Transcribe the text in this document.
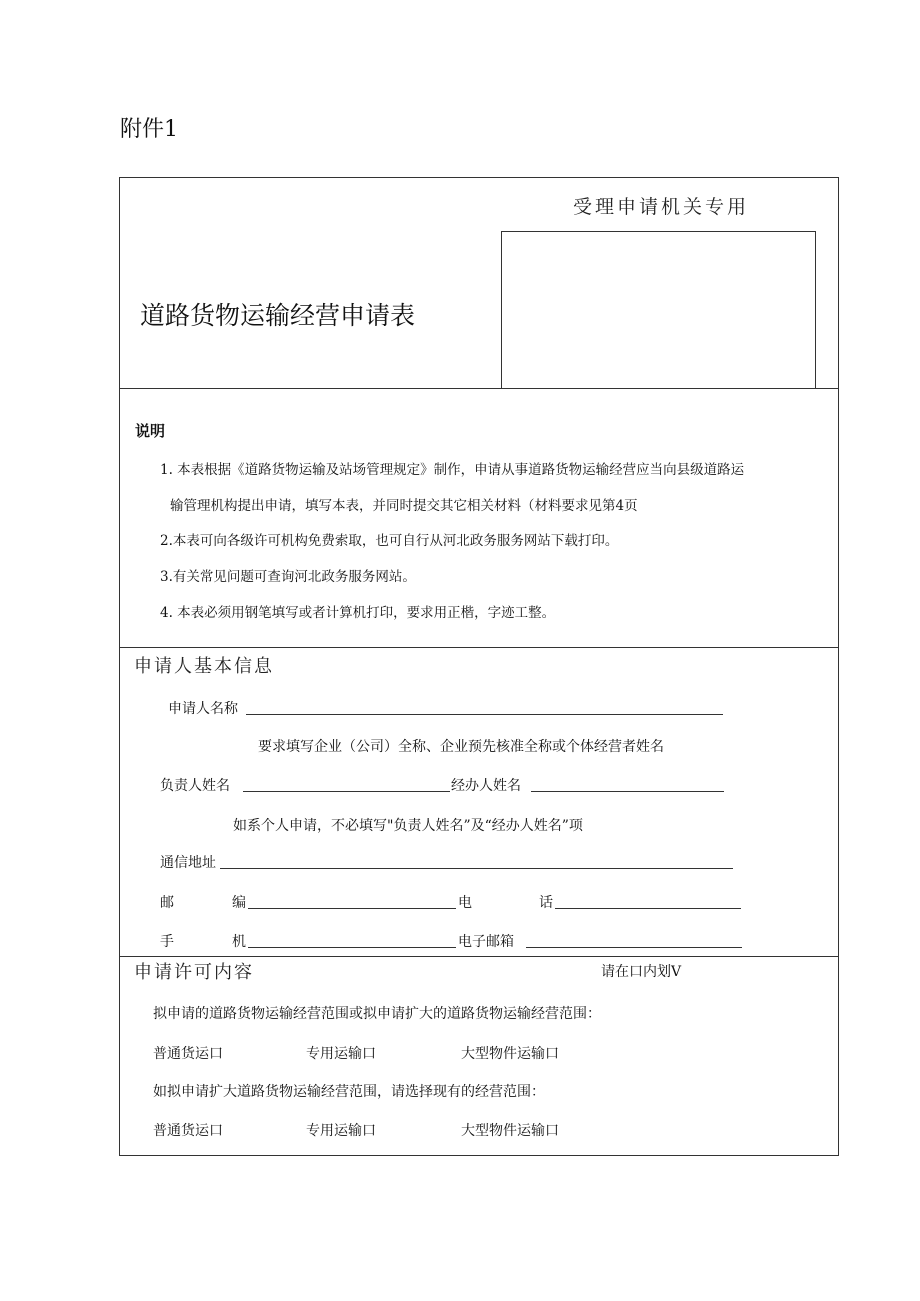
附件1
受理申请机关专用
道路货物运输经营申请表
说明
1. 本表根据《道路货物运输及站场管理规定》制作，申请从事道路货物运输经营应当向县级道路运
输管理机构提出申请，填写本表，并同时提交其它相关材料（材料要求见第4页
2.本表可向各级许可机构免费索取，也可自行从河北政务服务网站下载打印。
3.有关常见问题可查询河北政务服务网站。
4. 本表必须用钢笔填写或者计算机打印，要求用正楷，字迹工整。
申请人基本信息
申请人名称
要求填写企业（公司）全称、企业预先核准全称或个体经营者姓名
负责人姓名	经办人姓名
如系个人申请，不必填写"负责人姓名”及“经办人姓名”项
通信地址
邮	编	电	话
手	机	电子邮箱
申请许可内容	请在口内划V
拟申请的道路货物运输经营范围或拟申请扩大的道路货物运输经营范围：
普通货运口	专用运输口	大型物件运输口
如拟申请扩大道路货物运输经营范围，请选择现有的经营范围：
普通货运口	专用运输口	大型物件运输口
